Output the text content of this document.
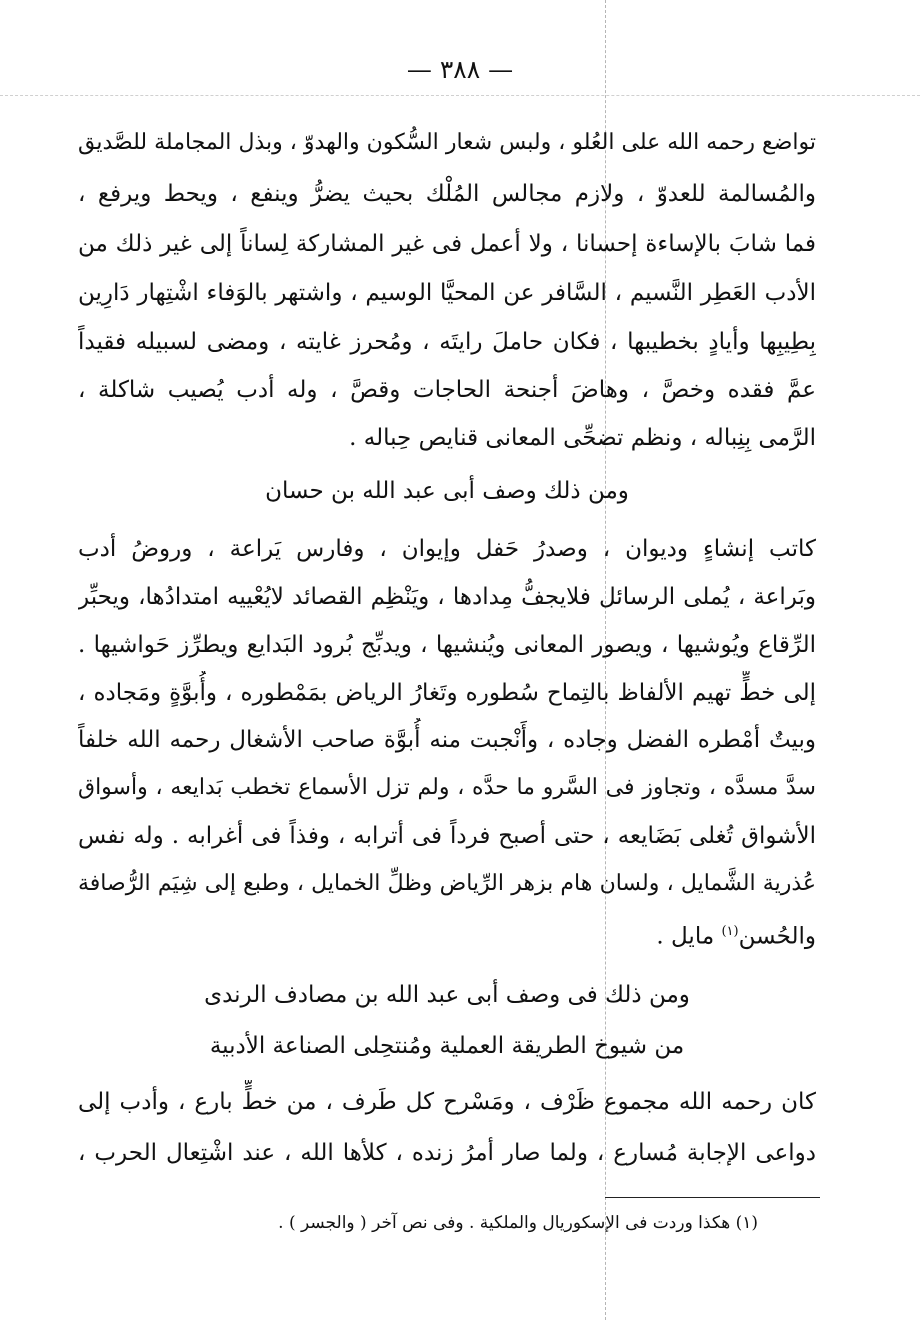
— ٣٨٨ —
تواضع رحمه الله على العُلو ، ولبس شعار السُّكون والهدوّ ، وبذل المجاملة للصَّديق
والمُسالمة للعدوّ ، ولازم مجالس المُلْك بحيث يضرُّ وينفع ، ويحط ويرفع ،
فما شابَ بالإساءة إحسانا ، ولا أعمل فى غير المشاركة لِساناً إلى غير ذلك من
الأدب العَطِر النَّسيم ، السَّافر عن المحيَّا الوسيم ، واشتهر بالوَفاء اشْتِهار دَارِين
بِطِيبِها وأيادٍ بخطيبها ، فكان حاملَ رايتَه ، ومُحرز غايته ، ومضى لسبيله فقيداً
عمَّ فقده وخصَّ ، وهاضَ أجنحة الحاجات وقصَّ ، وله أدب يُصيب شاكلة ،
الرَّمى بِنِباله ، ونظم تضحِّى المعانى قنايص حِباله .
ومن ذلك وصف أبى عبد الله بن حسان
كاتب إنشاءٍ وديوان ، وصدرُ حَفل وإيوان ، وفارس يَراعة ، وروضُ أدب
وبَراعة ، يُملى الرسائل فلايجفُّ مِدادها ، ويَنْظِم القصائد لايُعْييه امتدادُها، ويحبِّر
الرِّقاع ويُوشيها ، ويصور المعانى ويُنشيها ، ويدبِّج بُرود البَدايع ويطرِّز حَواشيها .
إلى خطٍّ تهيم الألفاظ بالتِماح سُطوره وتَغارُ الرياض بمَمْطوره ، وأُبوَّةٍ ومَجاده ،
وبيتٌ أمْطره الفضل وجاده ، وأَنْجبت منه أُبوَّة صاحب الأشغال رحمه الله خلفاً
سدَّ مسدَّه ، وتجاوز فى السَّرو ما حدَّه ، ولم تزل الأسماع تخطب بَدايعه ، وأسواق
الأشواق تُغلى بَضَايعه ، حتى أصبح فرداً فى أترابه ، وفذاً فى أغرابه . وله نفس
عُذرية الشَّمايل ، ولسان هام بزهر الرِّياض وظلِّ الخمايل ، وطبع إلى شِيَم الرُّصافة
والحُسن$^{(١)}$ مايل .
ومن ذلك فى وصف أبى عبد الله بن مصادف الرندى
من شيوخ الطريقة العملية ومُنتحِلى الصناعة الأدبية
كان رحمه الله مجموع ظَرْف ، ومَسْرح كل طَرف ، من خطٍّ بارع ، وأدب إلى
دواعى الإجابة مُسارع ، ولما صار أمرُ زنده ، كلأها الله ، عند اشْتِعال الحرب ،
(١) هكذا وردت فى الإسكوريال والملكية . وفى نص آخر ( والجسر ) .
